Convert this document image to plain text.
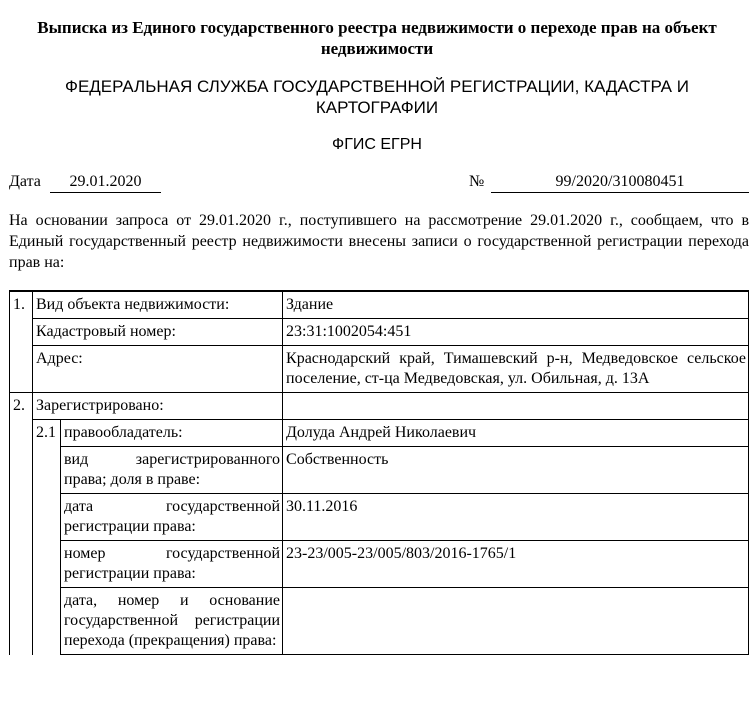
Выписка из Единого государственного реестра недвижимости о переходе прав на объект недвижимости
ФЕДЕРАЛЬНАЯ СЛУЖБА ГОСУДАРСТВЕННОЙ РЕГИСТРАЦИИ, КАДАСТРА И КАРТОГРАФИИ
ФГИС ЕГРН
Дата	29.01.2020	№	99/2020/310080451
На основании запроса от 29.01.2020 г., поступившего на рассмотрение 29.01.2020 г., сообщаем, что в Единый государственный реестр недвижимости внесены записи о государственной регистрации перехода прав на:
1.	Вид объекта недвижимости:		Здание
	Кадастровый номер:		23:31:1002054:451
	Адрес:		Краснодарский край, Тимашевский р-н, Медведовское сельское поселение, ст-ца Медведовская, ул. Обильная, д. 13А
2.	Зарегистрировано:		
	2.1	правообладатель:	Долуда Андрей Николаевич
		вид зарегистрированного права; доля в праве:	Собственность
		дата государственной регистрации права:	30.11.2016
		номер государственной регистрации права:	23-23/005-23/005/803/2016-1765/1
		дата, номер и основание государственной регистрации перехода (прекращения) права:	
